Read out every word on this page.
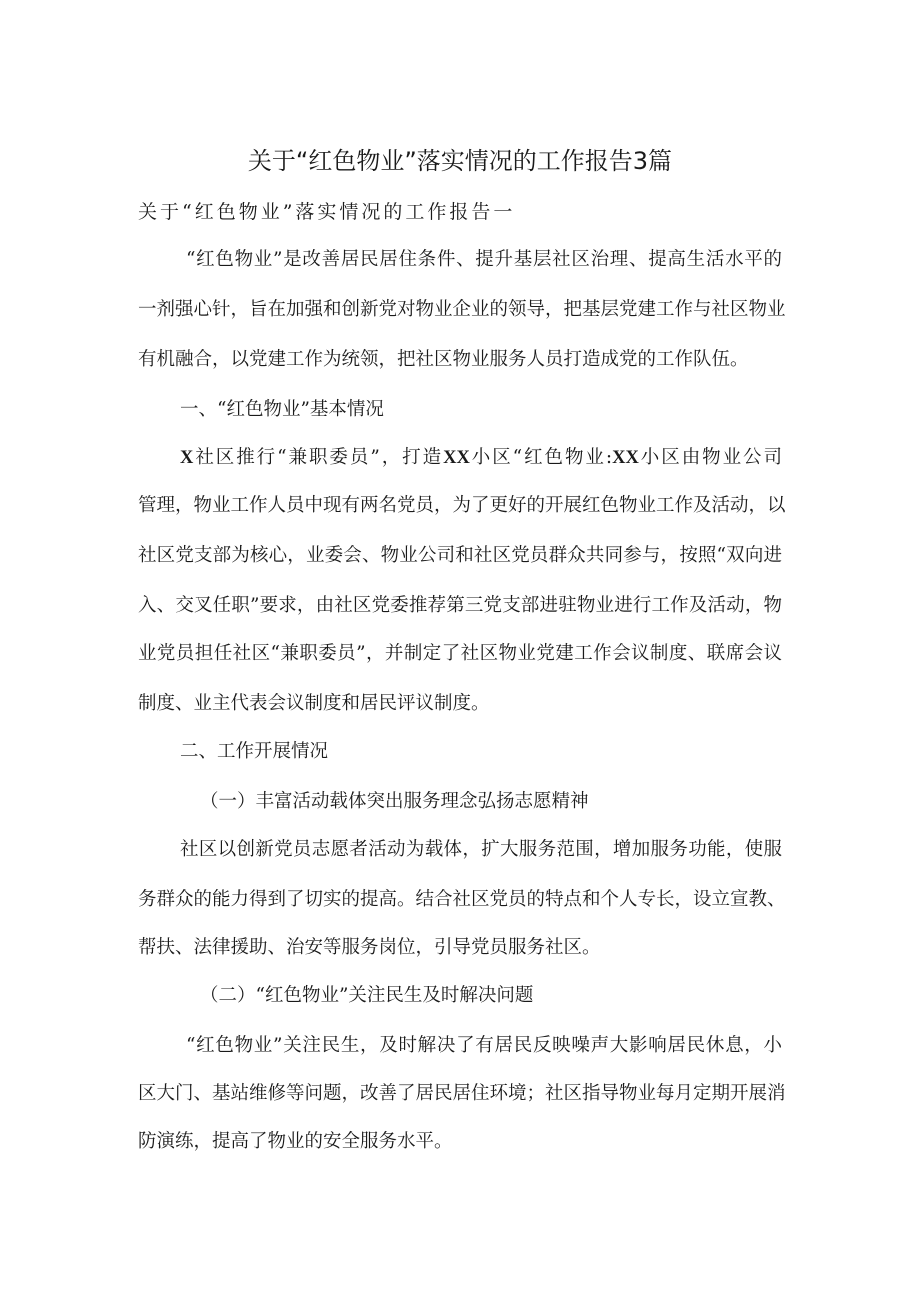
关于“红色物业”落实情况的工作报告3篇
关于“红色物业”落实情况的工作报告一
“红色物业”是改善居民居住条件、提升基层社区治理、提高生活水平的
一剂强心针，旨在加强和创新党对物业企业的领导，把基层党建工作与社区物业
有机融合，以党建工作为统领，把社区物业服务人员打造成党的工作队伍。
一、“红色物业”基本情况
X社区推行“兼职委员”，打造XX小区“红色物业:XX小区由物业公司
管理，物业工作人员中现有两名党员，为了更好的开展红色物业工作及活动，以
社区党支部为核心，业委会、物业公司和社区党员群众共同参与，按照“双向进
入、交叉任职”要求，由社区党委推荐第三党支部进驻物业进行工作及活动，物
业党员担任社区“兼职委员”，并制定了社区物业党建工作会议制度、联席会议
制度、业主代表会议制度和居民评议制度。
二、工作开展情况
（一）丰富活动载体突出服务理念弘扬志愿精神
社区以创新党员志愿者活动为载体，扩大服务范围，增加服务功能，使服
务群众的能力得到了切实的提高。结合社区党员的特点和个人专长，设立宣教、
帮扶、法律援助、治安等服务岗位，引导党员服务社区。
（二）“红色物业”关注民生及时解决问题
“红色物业”关注民生，及时解决了有居民反映噪声大影响居民休息，小
区大门、基站维修等问题，改善了居民居住环境；社区指导物业每月定期开展消
防演练，提高了物业的安全服务水平。
